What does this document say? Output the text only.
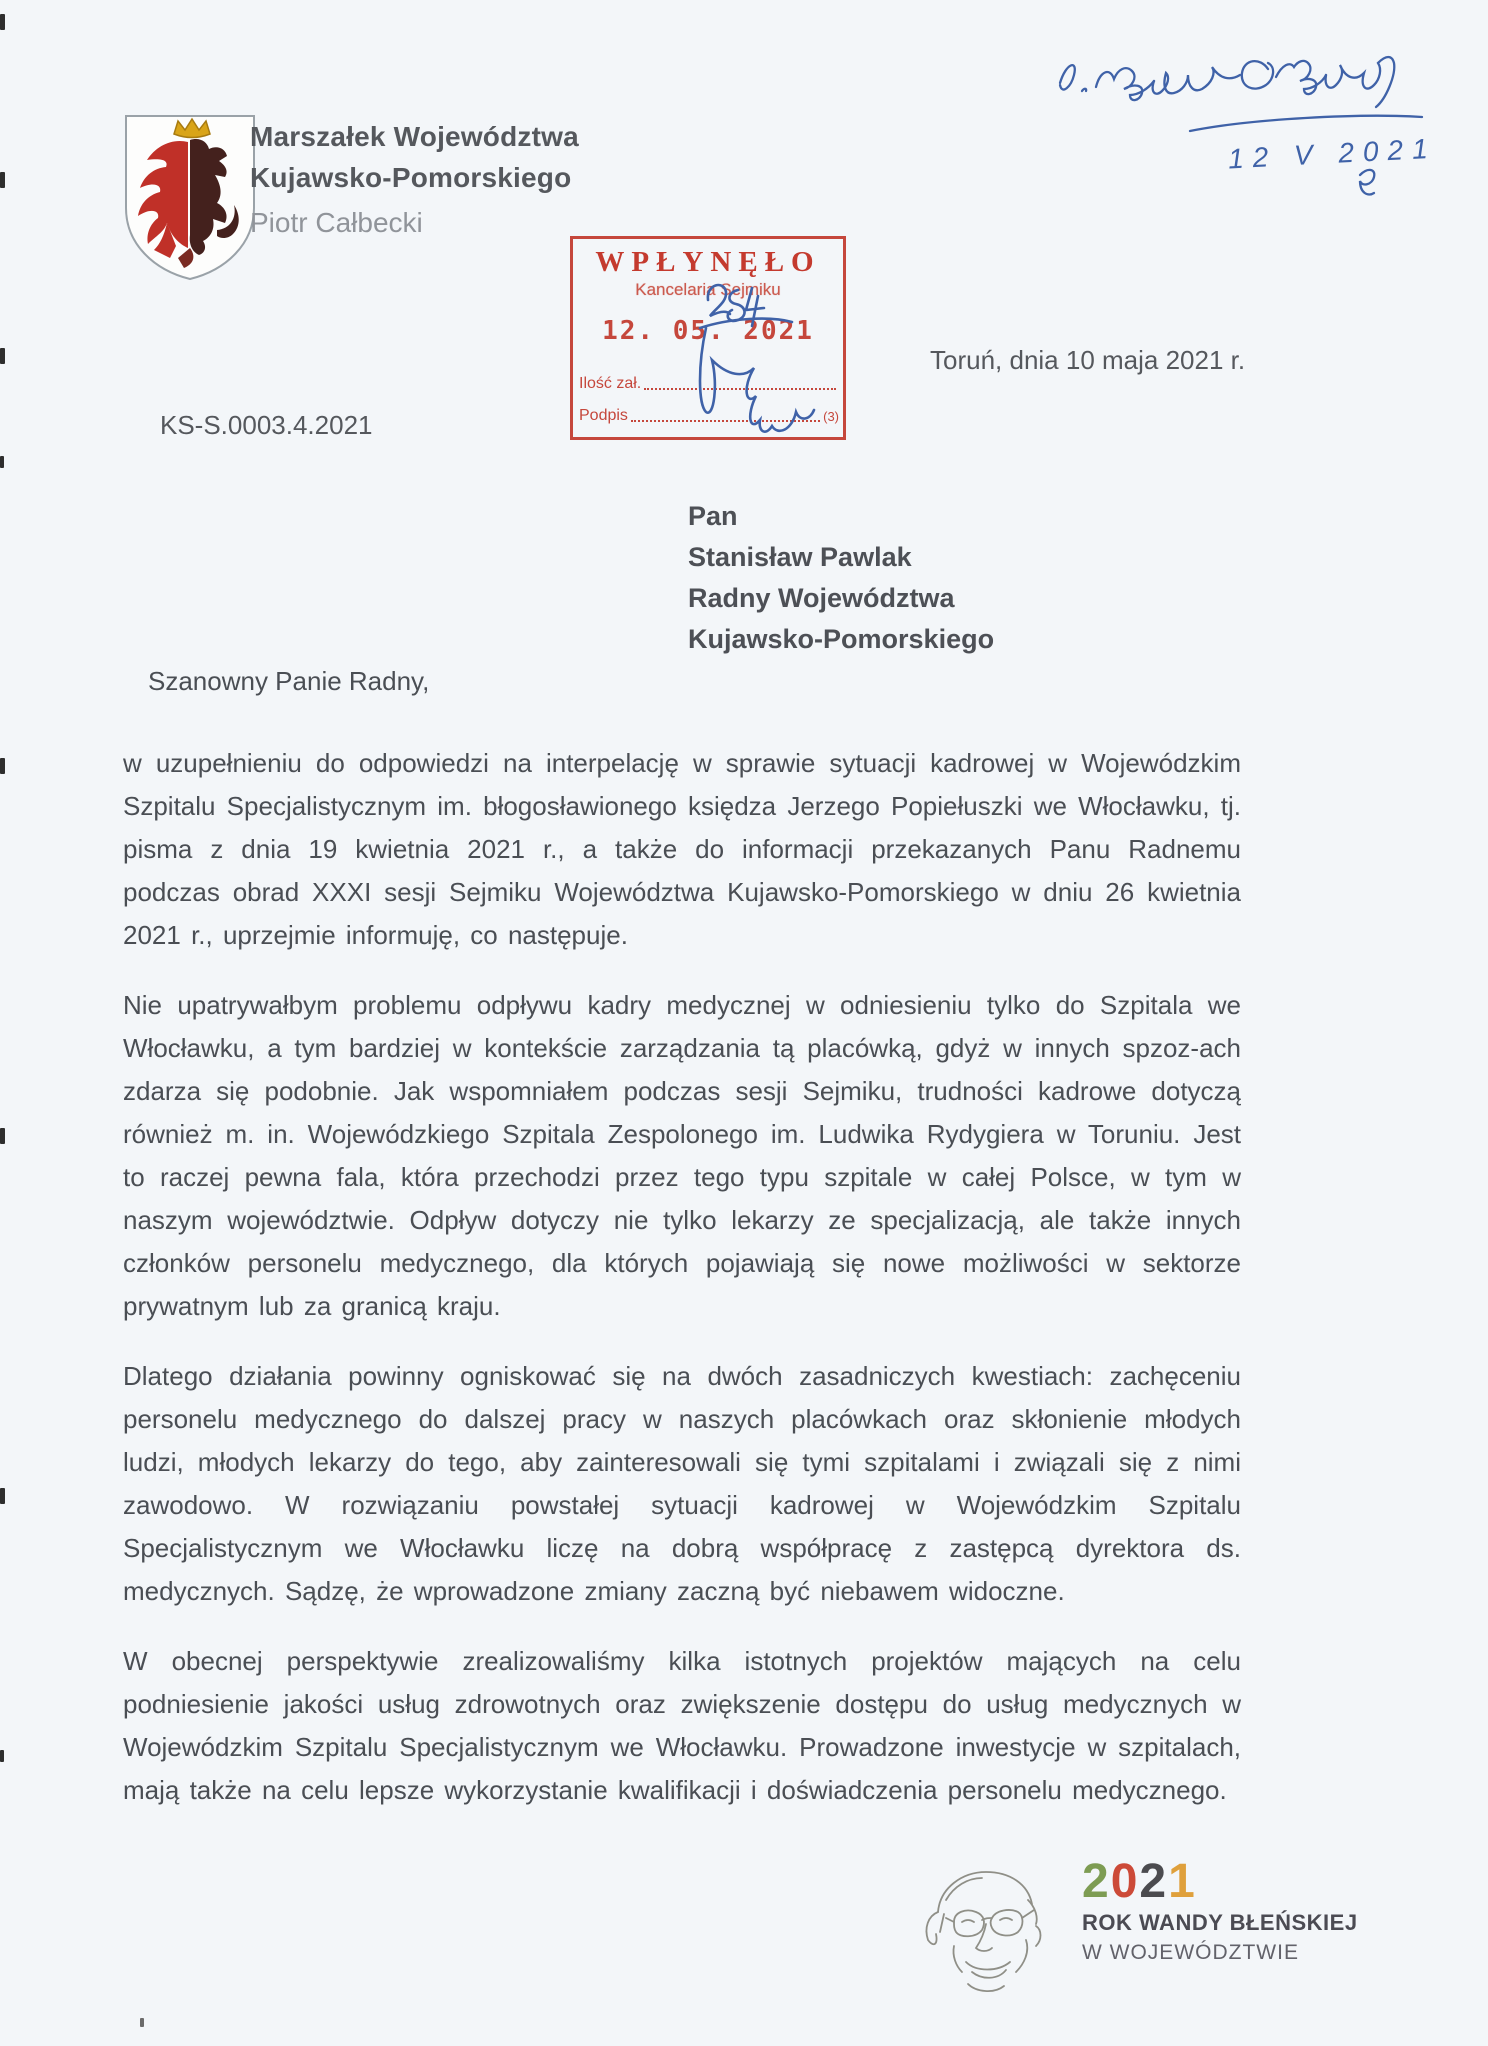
Marszałek Województwa
Kujawsko-Pomorskiego
Piotr Całbecki
WPŁYNĘŁO
Kancelaria Sejmiku
12. 05. 2021
Ilość zał.
Podpis	(3)
12 V 2021
Toruń, dnia 10 maja 2021 r.
KS-S.0003.4.2021
Pan
Stanisław Pawlak
Radny Województwa
Kujawsko-Pomorskiego
Szanowny Panie Radny,

w uzupełnieniu do odpowiedzi na interpelację w sprawie sytuacji kadrowej w Wojewódzkim Szpitalu Specjalistycznym im. błogosławionego księdza Jerzego Popiełuszki we Włocławku, tj. pisma z dnia 19 kwietnia 2021 r., a także do informacji przekazanych Panu Radnemu podczas obrad XXXI sesji Sejmiku Województwa Kujawsko-Pomorskiego w dniu 26 kwietnia 2021 r., uprzejmie informuję, co następuje.

Nie upatrywałbym problemu odpływu kadry medycznej w odniesieniu tylko do Szpitala we Włocławku, a tym bardziej w kontekście zarządzania tą placówką, gdyż w innych spzoz-ach zdarza się podobnie. Jak wspomniałem podczas sesji Sejmiku, trudności kadrowe dotyczą również m. in. Wojewódzkiego Szpitala Zespolonego im. Ludwika Rydygiera w Toruniu. Jest to raczej pewna fala, która przechodzi przez tego typu szpitale w całej Polsce, w tym w naszym województwie. Odpływ dotyczy nie tylko lekarzy ze specjalizacją, ale także innych członków personelu medycznego, dla których pojawiają się nowe możliwości w sektorze prywatnym lub za granicą kraju.

Dlatego działania powinny ogniskować się na dwóch zasadniczych kwestiach: zachęceniu personelu medycznego do dalszej pracy w naszych placówkach oraz skłonienie młodych ludzi, młodych lekarzy do tego, aby zainteresowali się tymi szpitalami i związali się z nimi zawodowo. W rozwiązaniu powstałej sytuacji kadrowej w Wojewódzkim Szpitalu Specjalistycznym we Włocławku liczę na dobrą współpracę z zastępcą dyrektora ds. medycznych. Sądzę, że wprowadzone zmiany zaczną być niebawem widoczne.

W obecnej perspektywie zrealizowaliśmy kilka istotnych projektów mających na celu podniesienie jakości usług zdrowotnych oraz zwiększenie dostępu do usług medycznych w Wojewódzkim Szpitalu Specjalistycznym we Włocławku. Prowadzone inwestycje w szpitalach, mają także na celu lepsze wykorzystanie kwalifikacji i doświadczenia personelu medycznego.

2021
ROK WANDY BŁEŃSKIEJ
W WOJEWÓDZTWIE
